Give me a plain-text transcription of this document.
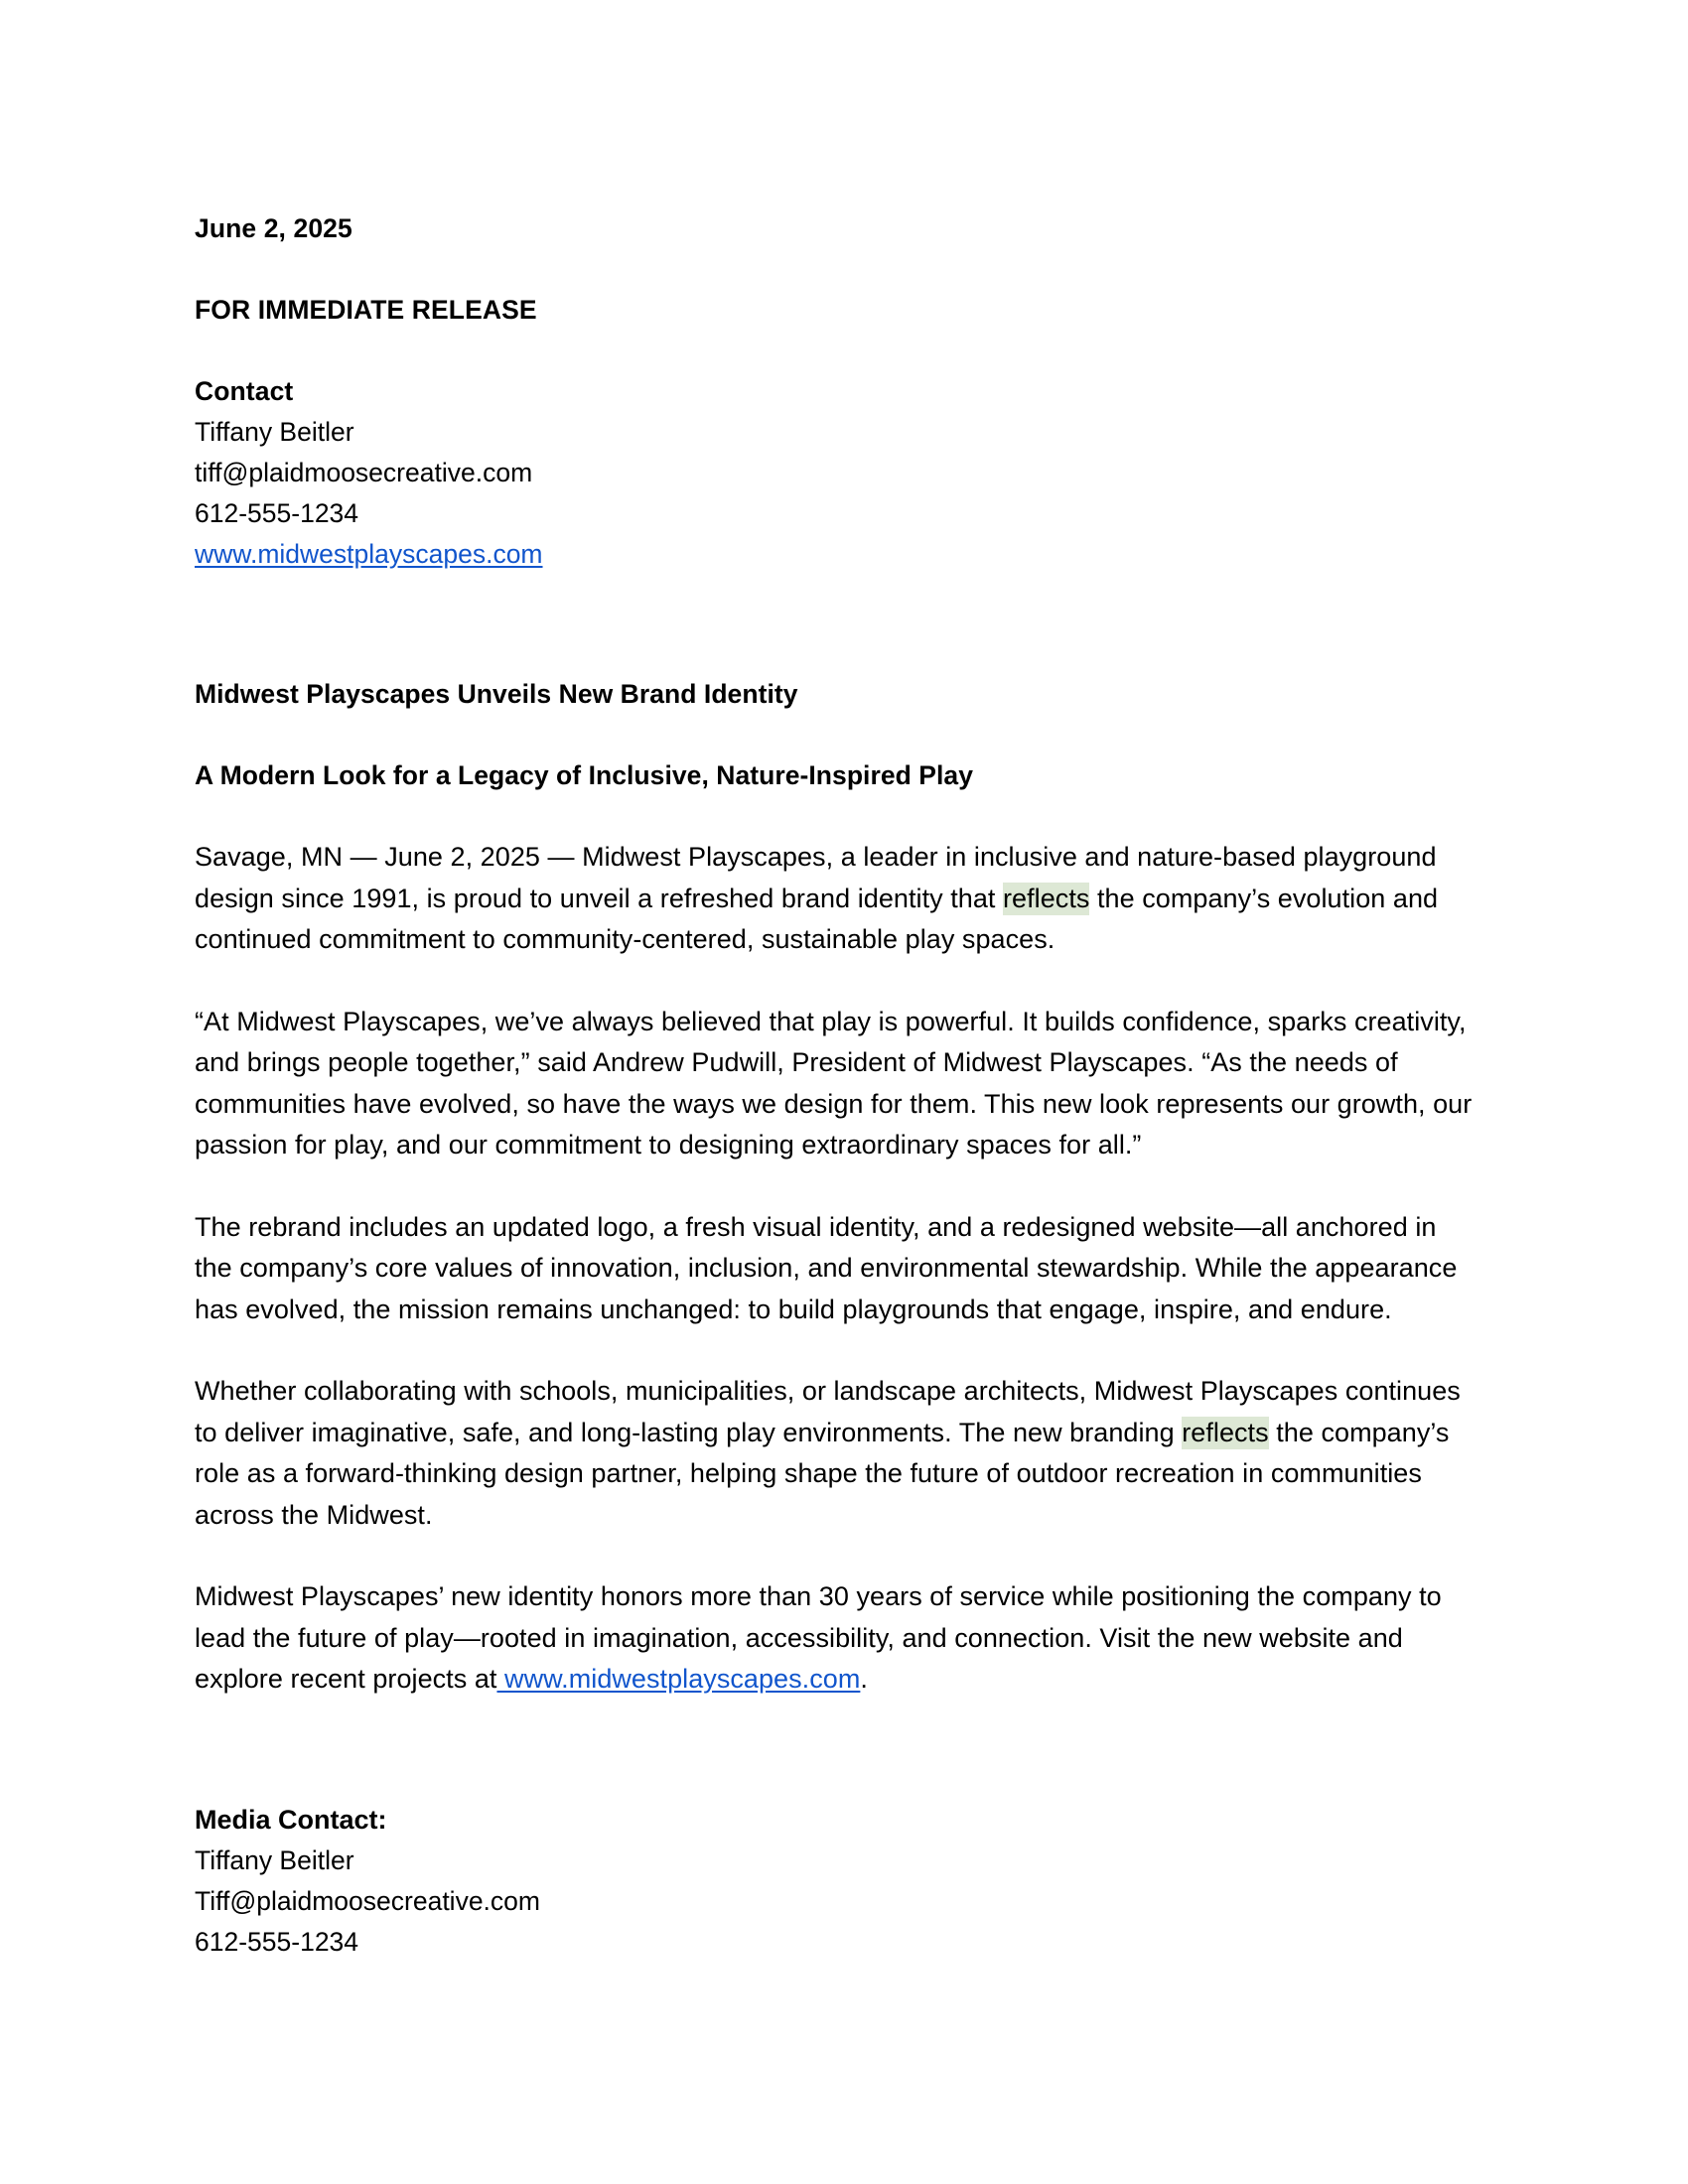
June 2, 2025
FOR IMMEDIATE RELEASE
Contact
Tiffany Beitler
tiff@plaidmoosecreative.com
612-555-1234
www.midwestplayscapes.com
Midwest Playscapes Unveils New Brand Identity
A Modern Look for a Legacy of Inclusive, Nature-Inspired Play

Savage, MN — June 2, 2025 — Midwest Playscapes, a leader in inclusive and nature-based playground design since 1991, is proud to unveil a refreshed brand identity that reflects the company’s evolution and continued commitment to community-centered, sustainable play spaces.

“At Midwest Playscapes, we’ve always believed that play is powerful. It builds confidence, sparks creativity, and brings people together,” said Andrew Pudwill, President of Midwest Playscapes. “As the needs of communities have evolved, so have the ways we design for them. This new look represents our growth, our passion for play, and our commitment to designing extraordinary spaces for all.”

The rebrand includes an updated logo, a fresh visual identity, and a redesigned website—all anchored in the company’s core values of innovation, inclusion, and environmental stewardship. While the appearance has evolved, the mission remains unchanged: to build playgrounds that engage, inspire, and endure.

Whether collaborating with schools, municipalities, or landscape architects, Midwest Playscapes continues to deliver imaginative, safe, and long-lasting play environments. The new branding reflects the company’s role as a forward-thinking design partner, helping shape the future of outdoor recreation in communities across the Midwest.

Midwest Playscapes’ new identity honors more than 30 years of service while positioning the company to lead the future of play—rooted in imagination, accessibility, and connection. Visit the new website and explore recent projects at www.midwestplayscapes.com.

Media Contact:
Tiffany Beitler
Tiff@plaidmoosecreative.com
612-555-1234
